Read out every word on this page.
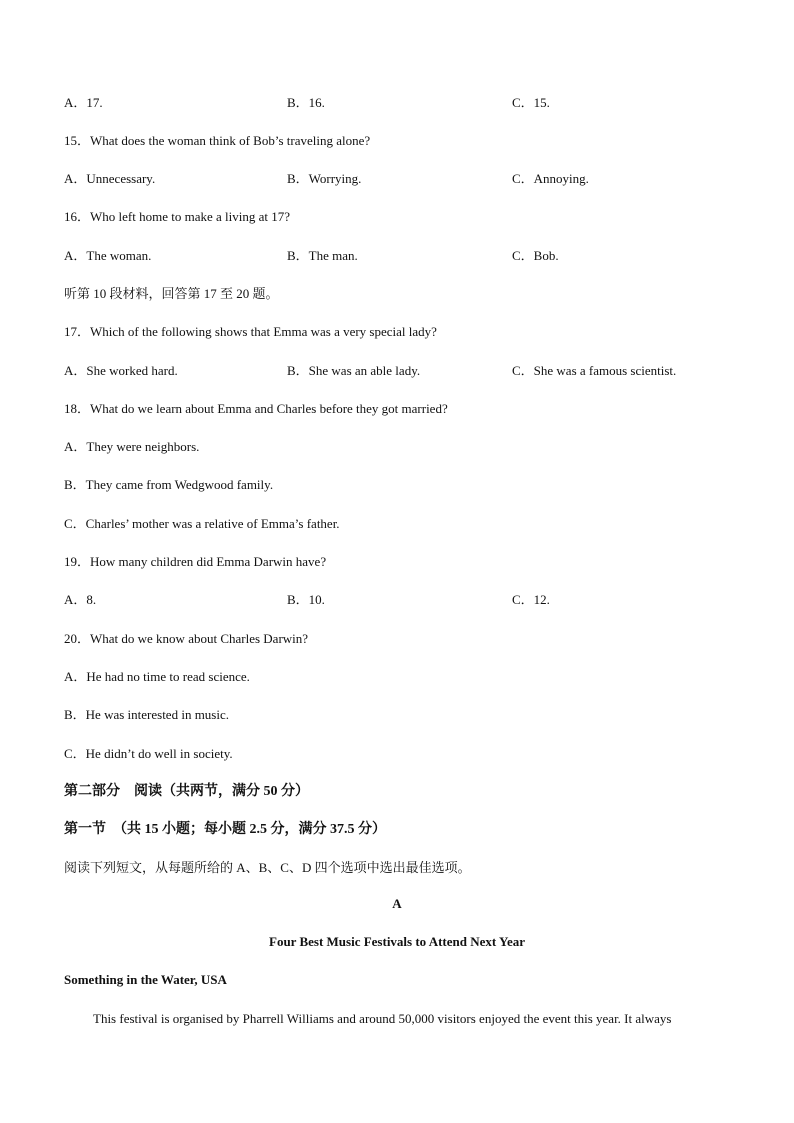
A．17.	B．16.	C．15.
15．What does the woman think of Bob’s traveling alone?
A．Unnecessary.	B．Worrying.	C．Annoying.
16．Who left home to make a living at 17?
A．The woman.	B．The man.	C．Bob.
听第 10 段材料，回答第 17 至 20 题。
17．Which of the following shows that Emma was a very special lady?
A．She worked hard.	B．She was an able lady.	C．She was a famous scientist.
18．What do we learn about Emma and Charles before they got married?
A．They were neighbors.
B．They came from Wedgwood family.
C．Charles’ mother was a relative of Emma’s father.
19．How many children did Emma Darwin have?
A．8.	B．10.	C．12.
20．What do we know about Charles Darwin?
A．He had no time to read science.
B．He was interested in music.
C．He didn’t do well in society.
第二部分　阅读（共两节，满分 50 分）
第一节　（共 15 小题；每小题 2.5 分，满分 37.5 分）
阅读下列短文，从每题所给的 A、B、C、D 四个选项中选出最佳选项。
A
Four Best Music Festivals to Attend Next Year
Something in the Water, USA
This festival is organised by Pharrell Williams and around 50,000 visitors enjoyed the event this year. It always
